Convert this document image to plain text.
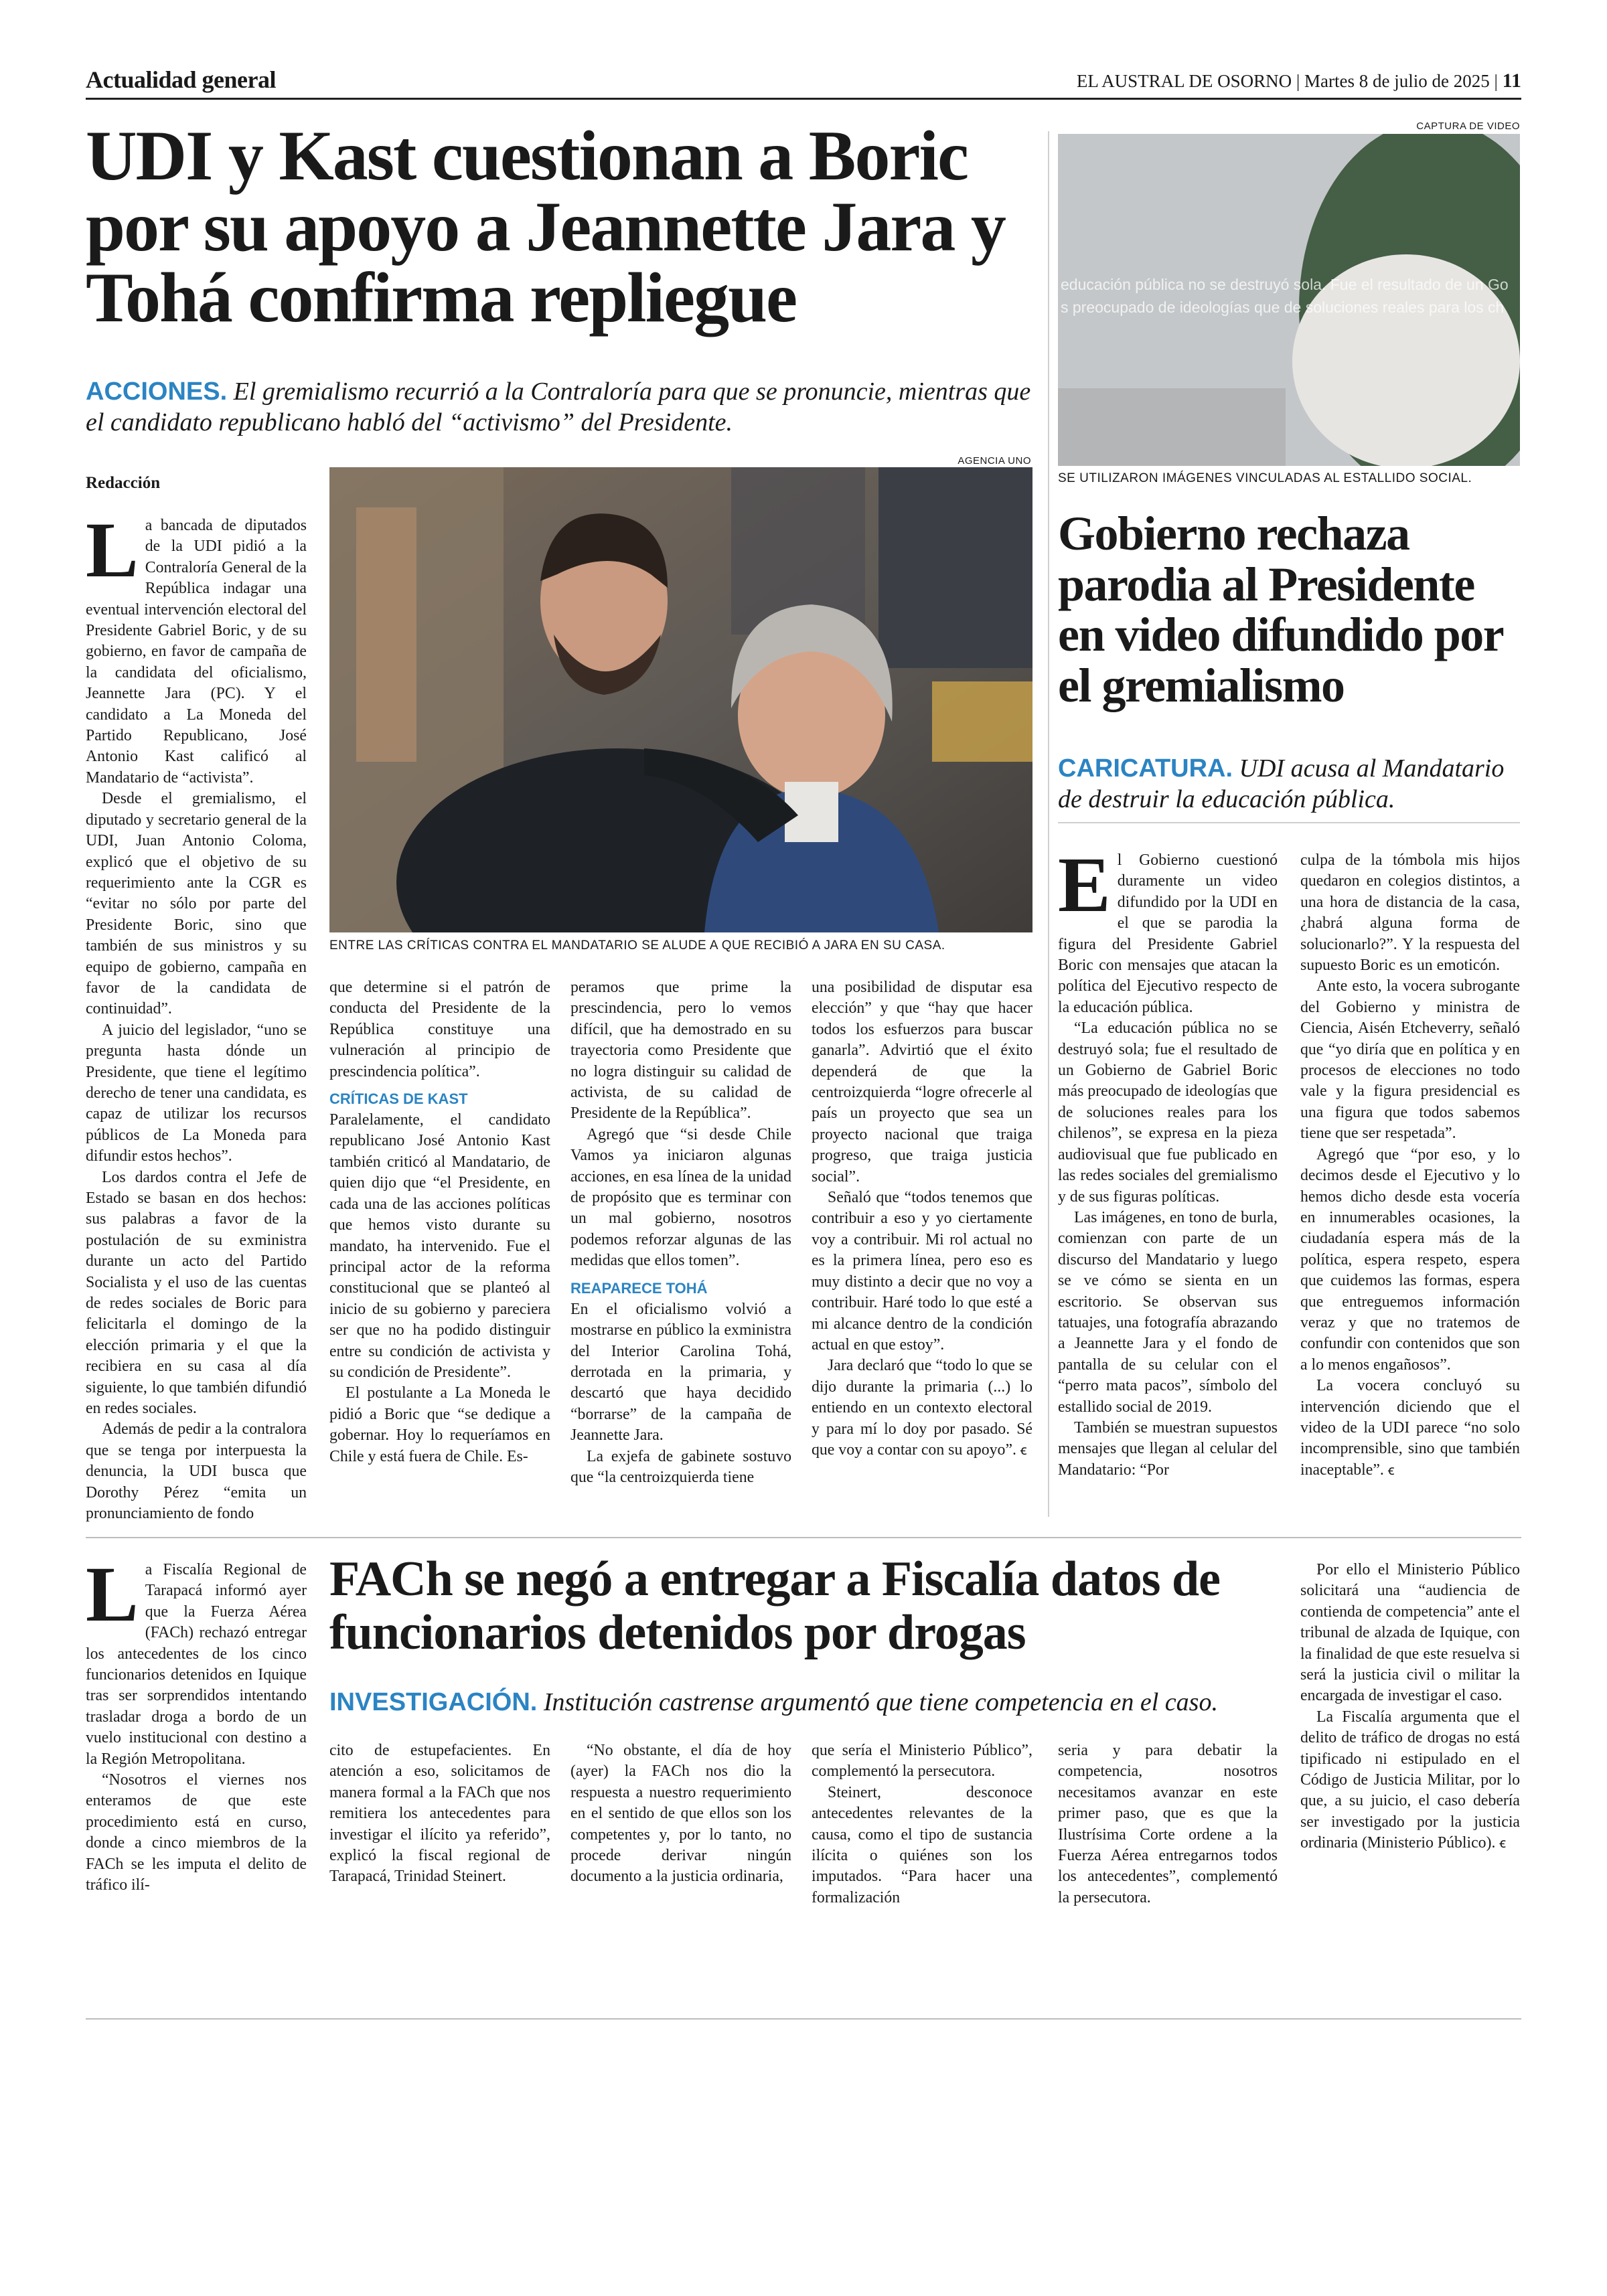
Actualidad general	EL AUSTRAL DE OSORNO | Martes 8 de julio de 2025 | 11
UDI y Kast cuestionan a Boric por su apoyo a Jeannette Jara y Tohá confirma repliegue
ACCIONES. El gremialismo recurrió a la Contraloría para que se pronuncie, mientras que el candidato republicano habló del “activismo” del Presidente.
Redacción
AGENCIA UNO
ENTRE LAS CRÍTICAS CONTRA EL MANDATARIO SE ALUDE A QUE RECIBIÓ A JARA EN SU CASA.
L a bancada de diputados de la UDI pidió a la Contraloría General de la República indagar una eventual intervención electoral del Presidente Gabriel Boric, y de su gobierno, en favor de campaña de la candidata del oficialismo, Jeannette Jara (PC). Y el candidato a La Moneda del Partido Republicano, José Antonio Kast calificó al Mandatario de “activista”.

Desde el gremialismo, el diputado y secretario general de la UDI, Juan Antonio Coloma, explicó que el objetivo de su requerimiento ante la CGR es “evitar no sólo por parte del Presidente Boric, sino que también de sus ministros y su equipo de gobierno, campaña en favor de la candidata de continuidad”.

A juicio del legislador, “uno se pregunta hasta dónde un Presidente, que tiene el legítimo derecho de tener una candidata, es capaz de utilizar los recursos públicos de La Moneda para difundir estos hechos”.

Los dardos contra el Jefe de Estado se basan en dos hechos: sus palabras a favor de la postulación de su exministra durante un acto del Partido Socialista y el uso de las cuentas de redes sociales de Boric para felicitarla el domingo de la elección primaria y el que la recibiera en su casa al día siguiente, lo que también difundió en redes sociales.

Además de pedir a la contralora que se tenga por interpuesta la denuncia, la UDI busca que Dorothy Pérez “emita un pronunciamiento de fondo

que determine si el patrón de conducta del Presidente de la República constituye una vulneración al principio de prescindencia política”.

CRÍTICAS DE KAST

Paralelamente, el candidato republicano José Antonio Kast también criticó al Mandatario, de quien dijo que “el Presidente, en cada una de las acciones políticas que hemos visto durante su mandato, ha intervenido. Fue el principal actor de la reforma constitucional que se planteó al inicio de su gobierno y pareciera ser que no ha podido distinguir entre su condición de activista y su condición de Presidente”.

El postulante a La Moneda le pidió a Boric que “se dedique a gobernar. Hoy lo requeríamos en Chile y está fuera de Chile. Es-

peramos que prime la prescindencia, pero lo vemos difícil, que ha demostrado en su trayectoria como Presidente que no logra distinguir su calidad de activista, de su calidad de Presidente de la República”.

Agregó que “si desde Chile Vamos ya iniciaron algunas acciones, en esa línea de la unidad de propósito que es terminar con un mal gobierno, nosotros podemos reforzar algunas de las medidas que ellos tomen”.

REAPARECE TOHÁ

En el oficialismo volvió a mostrarse en público la exministra del Interior Carolina Tohá, derrotada en la primaria, y descartó que haya decidido “borrarse” de la campaña de Jeannette Jara.

La exjefa de gabinete sostuvo que “la centroizquierda tiene

una posibilidad de disputar esa elección” y que “hay que hacer todos los esfuerzos para buscar ganarla”. Advirtió que el éxito dependerá de que la centroizquierda “logre ofrecerle al país un proyecto que sea un proyecto nacional que traiga progreso, que traiga justicia social”.

Señaló que “todos tenemos que contribuir a eso y yo ciertamente voy a contribuir. Mi rol actual no es la primera línea, pero eso es muy distinto a decir que no voy a contribuir. Haré todo lo que esté a mi alcance dentro de la condición actual en que estoy”.

Jara declaró que “todo lo que se dijo durante la primaria (...) lo entiendo en un contexto electoral y para mí lo doy por pasado. Sé que voy a contar con su apoyo”. ꞓ

CAPTURA DE VIDEO
educación pública no se destruyó sola. Fue el resultado de un Go
s preocupado de ideologías que de soluciones reales para los ch
SE UTILIZARON IMÁGENES VINCULADAS AL ESTALLIDO SOCIAL.
Gobierno rechaza parodia al Presidente en video difundido por el gremialismo
CARICATURA. UDI acusa al Mandatario de destruir la educación pública.
E l Gobierno cuestionó duramente un video difundido por la UDI en el que se parodia la figura del Presidente Gabriel Boric con mensajes que atacan la política del Ejecutivo respecto de la educación pública.

“La educación pública no se destruyó sola; fue el resultado de un Gobierno de Gabriel Boric más preocupado de ideologías que de soluciones reales para los chilenos”, se expresa en la pieza audiovisual que fue publicado en las redes sociales del gremialismo y de sus figuras políticas.

Las imágenes, en tono de burla, comienzan con parte de un discurso del Mandatario y luego se ve cómo se sienta en un escritorio. Se observan sus tatuajes, una fotografía abrazando a Jeannette Jara y el fondo de pantalla de su celular con el “perro mata pacos”, símbolo del estallido social de 2019.

También se muestran supuestos mensajes que llegan al celular del Mandatario: “Por

culpa de la tómbola mis hijos quedaron en colegios distintos, a una hora de distancia de la casa, ¿habrá alguna forma de solucionarlo?”. Y la respuesta del supuesto Boric es un emoticón.

Ante esto, la vocera subrogante del Gobierno y ministra de Ciencia, Aisén Etcheverry, señaló que “yo diría que en política y en procesos de elecciones no todo vale y la figura presidencial es una figura que todos sabemos tiene que ser respetada”.

Agregó que “por eso, y lo decimos desde el Ejecutivo y lo hemos dicho desde esta vocería en innumerables ocasiones, la ciudadanía espera más de la política, espera respeto, espera que cuidemos las formas, espera que entreguemos información veraz y que no tratemos de confundir con contenidos que son a lo menos engañosos”.

La vocera concluyó su intervención diciendo que el video de la UDI parece “no solo incomprensible, sino que también inaceptable”. ꞓ

L a Fiscalía Regional de Tarapacá informó ayer que la Fuerza Aérea (FACh) rechazó entregar los antecedentes de los cinco funcionarios detenidos en Iquique tras ser sorprendidos intentando trasladar droga a bordo de un vuelo institucional con destino a la Región Metropolitana.

“Nosotros el viernes nos enteramos de que este procedimiento está en curso, donde a cinco miembros de la FACh se les imputa el delito de tráfico ilí-

FACh se negó a entregar a Fiscalía datos de funcionarios detenidos por drogas
INVESTIGACIÓN. Institución castrense argumentó que tiene competencia en el caso.

cito de estupefacientes. En atención a eso, solicitamos de manera formal a la FACh que nos remitiera los antecedentes para investigar el ilícito ya referido”, explicó la fiscal regional de Tarapacá, Trinidad Steinert.

“No obstante, el día de hoy (ayer) la FACh nos dio la respuesta a nuestro requerimiento en el sentido de que ellos son los competentes y, por lo tanto, no procede derivar ningún documento a la justicia ordinaria,

que sería el Ministerio Público”, complementó la persecutora.

Steinert, desconoce antecedentes relevantes de la causa, como el tipo de sustancia ilícita o quiénes son los imputados. “Para hacer una formalización

seria y para debatir la competencia, nosotros necesitamos avanzar en este primer paso, que es que la Ilustrísima Corte ordene a la Fuerza Aérea entregarnos todos los antecedentes”, complementó la persecutora.

Por ello el Ministerio Público solicitará una “audiencia de contienda de competencia” ante el tribunal de alzada de Iquique, con la finalidad de que este resuelva si será la justicia civil o militar la encargada de investigar el caso.

La Fiscalía argumenta que el delito de tráfico de drogas no está tipificado ni estipulado en el Código de Justicia Militar, por lo que, a su juicio, el caso debería ser investigado por la justicia ordinaria (Ministerio Público). ꞓ
